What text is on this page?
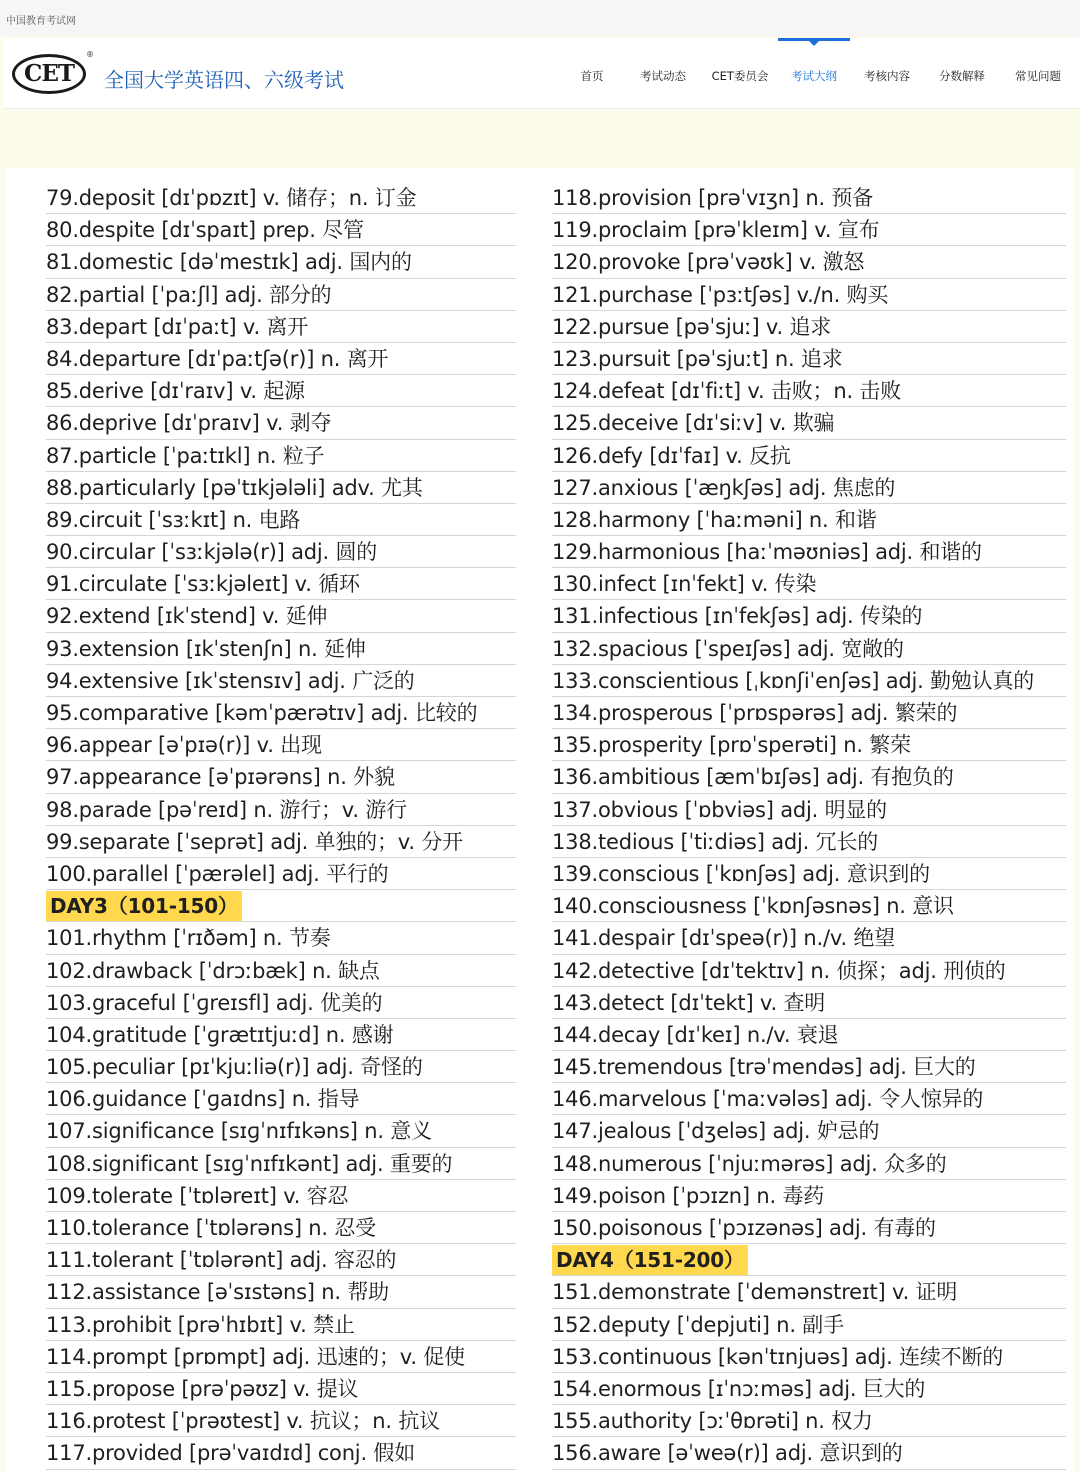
中国教育考试网
CET
®
全国大学英语四、六级考试	首页	考试动态	CET委员会	考试大纲	考核内容	分数解释	常见问题
79.deposit [dɪˈpɒzɪt] v. 储存；n. 订金
80.despite [dɪˈspaɪt] prep. 尽管
81.domestic [dəˈmestɪk] adj. 国内的
82.partial [ˈpaːʃl] adj. 部分的
83.depart [dɪˈpaːt] v. 离开
84.departure [dɪˈpaːtʃə(r)] n. 离开
85.derive [dɪˈraɪv] v. 起源
86.deprive [dɪˈpraɪv] v. 剥夺
87.particle [ˈpaːtɪkl] n. 粒子
88.particularly [pəˈtɪkjələli] adv. 尤其
89.circuit [ˈsɜːkɪt] n. 电路
90.circular [ˈsɜːkjələ(r)] adj. 圆的
91.circulate [ˈsɜːkjəleɪt] v. 循环
92.extend [ɪkˈstend] v. 延伸
93.extension [ɪkˈstenʃn] n. 延伸
94.extensive [ɪkˈstensɪv] adj. 广泛的
95.comparative [kəmˈpærətɪv] adj. 比较的
96.appear [əˈpɪə(r)] v. 出现
97.appearance [əˈpɪərəns] n. 外貌
98.parade [pəˈreɪd] n. 游行；v. 游行
99.separate [ˈseprət] adj. 单独的；v. 分开
100.parallel [ˈpærəlel] adj. 平行的
DAY3（101-150）
101.rhythm [ˈrɪðəm] n. 节奏
102.drawback [ˈdrɔːbæk] n. 缺点
103.graceful [ˈɡreɪsfl] adj. 优美的
104.gratitude [ˈɡrætɪtjuːd] n. 感谢
105.peculiar [pɪˈkjuːliə(r)] adj. 奇怪的
106.guidance [ˈɡaɪdns] n. 指导
107.significance [sɪɡˈnɪfɪkəns] n. 意义
108.significant [sɪɡˈnɪfɪkənt] adj. 重要的
109.tolerate [ˈtɒləreɪt] v. 容忍
110.tolerance [ˈtɒlərəns] n. 忍受
111.tolerant [ˈtɒlərənt] adj. 容忍的
112.assistance [əˈsɪstəns] n. 帮助
113.prohibit [prəˈhɪbɪt] v. 禁止
114.prompt [prɒmpt] adj. 迅速的；v. 促使
115.propose [prəˈpəʊz] v. 提议
116.protest [ˈprəʊtest] v. 抗议；n. 抗议
117.provided [prəˈvaɪdɪd] conj. 假如
118.provision [prəˈvɪʒn] n. 预备
119.proclaim [prəˈkleɪm] v. 宣布
120.provoke [prəˈvəʊk] v. 激怒
121.purchase [ˈpɜːtʃəs] v./n. 购买
122.pursue [pəˈsjuː] v. 追求
123.pursuit [pəˈsjuːt] n. 追求
124.defeat [dɪˈfiːt] v. 击败；n. 击败
125.deceive [dɪˈsiːv] v. 欺骗
126.defy [dɪˈfaɪ] v. 反抗
127.anxious [ˈæŋkʃəs] adj. 焦虑的
128.harmony [ˈhaːməni] n. 和谐
129.harmonious [haːˈməʊniəs] adj. 和谐的
130.infect [ɪnˈfekt] v. 传染
131.infectious [ɪnˈfekʃəs] adj. 传染的
132.spacious [ˈspeɪʃəs] adj. 宽敞的
133.conscientious [ˌkɒnʃiˈenʃəs] adj. 勤勉认真的
134.prosperous [ˈprɒspərəs] adj. 繁荣的
135.prosperity [prɒˈsperəti] n. 繁荣
136.ambitious [æmˈbɪʃəs] adj. 有抱负的
137.obvious [ˈɒbviəs] adj. 明显的
138.tedious [ˈtiːdiəs] adj. 冗长的
139.conscious [ˈkɒnʃəs] adj. 意识到的
140.consciousness [ˈkɒnʃəsnəs] n. 意识
141.despair [dɪˈspeə(r)] n./v. 绝望
142.detective [dɪˈtektɪv] n. 侦探；adj. 刑侦的
143.detect [dɪˈtekt] v. 查明
144.decay [dɪˈkeɪ] n./v. 衰退
145.tremendous [trəˈmendəs] adj. 巨大的
146.marvelous [ˈmaːvələs] adj. 令人惊异的
147.jealous [ˈdʒeləs] adj. 妒忌的
148.numerous [ˈnjuːmərəs] adj. 众多的
149.poison [ˈpɔɪzn] n. 毒药
150.poisonous [ˈpɔɪzənəs] adj. 有毒的
DAY4（151-200）
151.demonstrate [ˈdemənstreɪt] v. 证明
152.deputy [ˈdepjuti] n. 副手
153.continuous [kənˈtɪnjuəs] adj. 连续不断的
154.enormous [ɪˈnɔːməs] adj. 巨大的
155.authority [ɔːˈθɒrəti] n. 权力
156.aware [əˈweə(r)] adj. 意识到的
